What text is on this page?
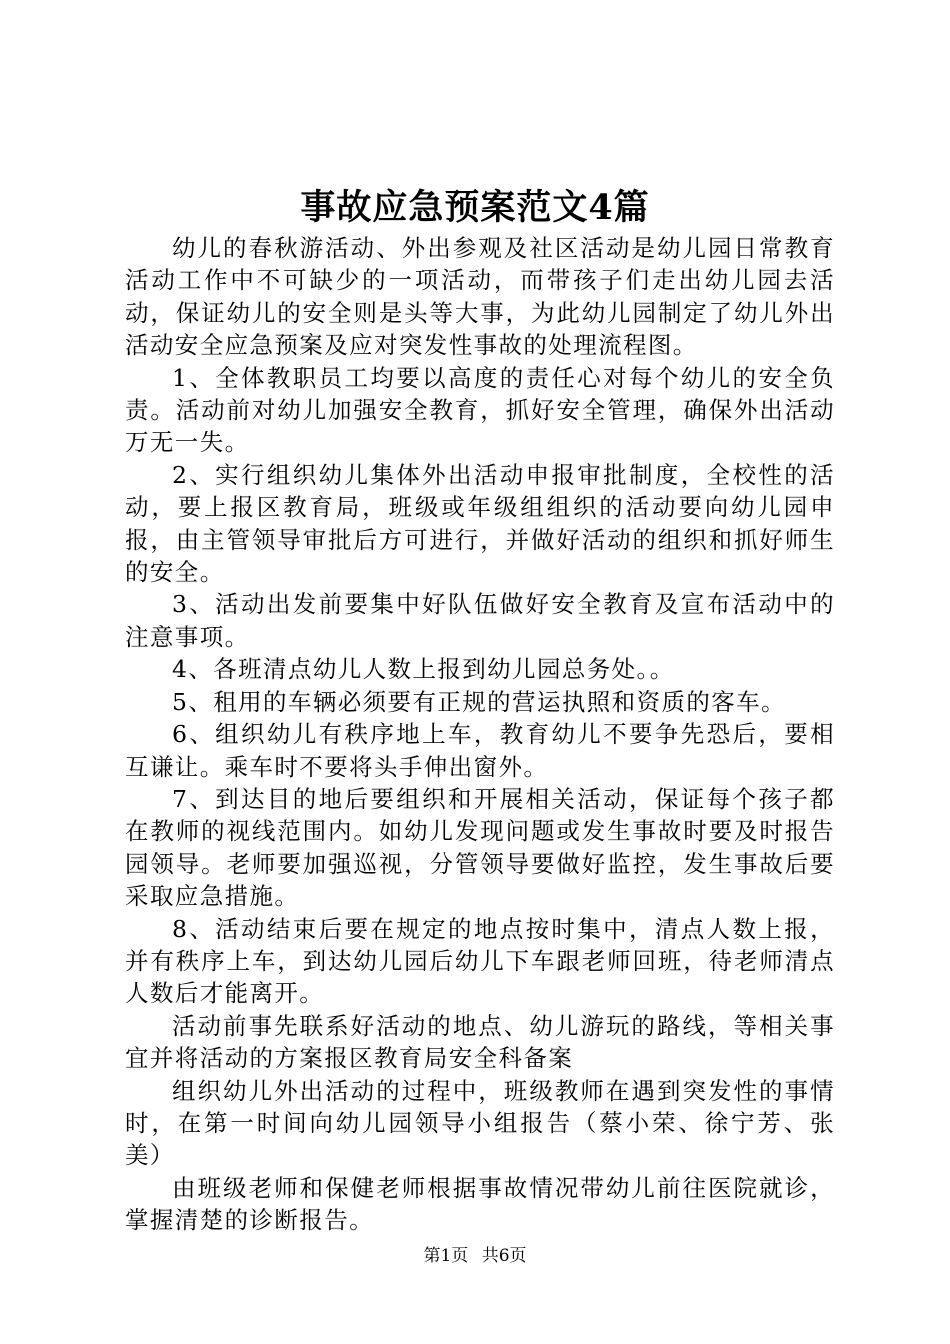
事故应急预案范文4篇

幼儿的春秋游活动、外出参观及社区活动是幼儿园日常教育活动工作中不可缺少的一项活动，而带孩子们走出幼儿园去活动，保证幼儿的安全则是头等大事，为此幼儿园制定了幼儿外出活动安全应急预案及应对突发性事故的处理流程图。

1、全体教职员工均要以高度的责任心对每个幼儿的安全负责。活动前对幼儿加强安全教育，抓好安全管理，确保外出活动万无一失。

2、实行组织幼儿集体外出活动申报审批制度，全校性的活动，要上报区教育局，班级或年级组组织的活动要向幼儿园申报，由主管领导审批后方可进行，并做好活动的组织和抓好师生的安全。

3、活动出发前要集中好队伍做好安全教育及宣布活动中的注意事项。

4、各班清点幼儿人数上报到幼儿园总务处。。

5、租用的车辆必须要有正规的营运执照和资质的客车。

6、组织幼儿有秩序地上车，教育幼儿不要争先恐后，要相互谦让。乘车时不要将头手伸出窗外。

7、到达目的地后要组织和开展相关活动，保证每个孩子都在教师的视线范围内。如幼儿发现问题或发生事故时要及时报告园领导。老师要加强巡视，分管领导要做好监控，发生事故后要采取应急措施。

8、活动结束后要在规定的地点按时集中，清点人数上报，并有秩序上车，到达幼儿园后幼儿下车跟老师回班，待老师清点人数后才能离开。

活动前事先联系好活动的地点、幼儿游玩的路线，等相关事宜并将活动的方案报区教育局安全科备案

组织幼儿外出活动的过程中，班级教师在遇到突发性的事情时，在第一时间向幼儿园领导小组报告（蔡小荣、徐宁芳、张美）

由班级老师和保健老师根据事故情况带幼儿前往医院就诊，掌握清楚的诊断报告。

第1页 共6页
